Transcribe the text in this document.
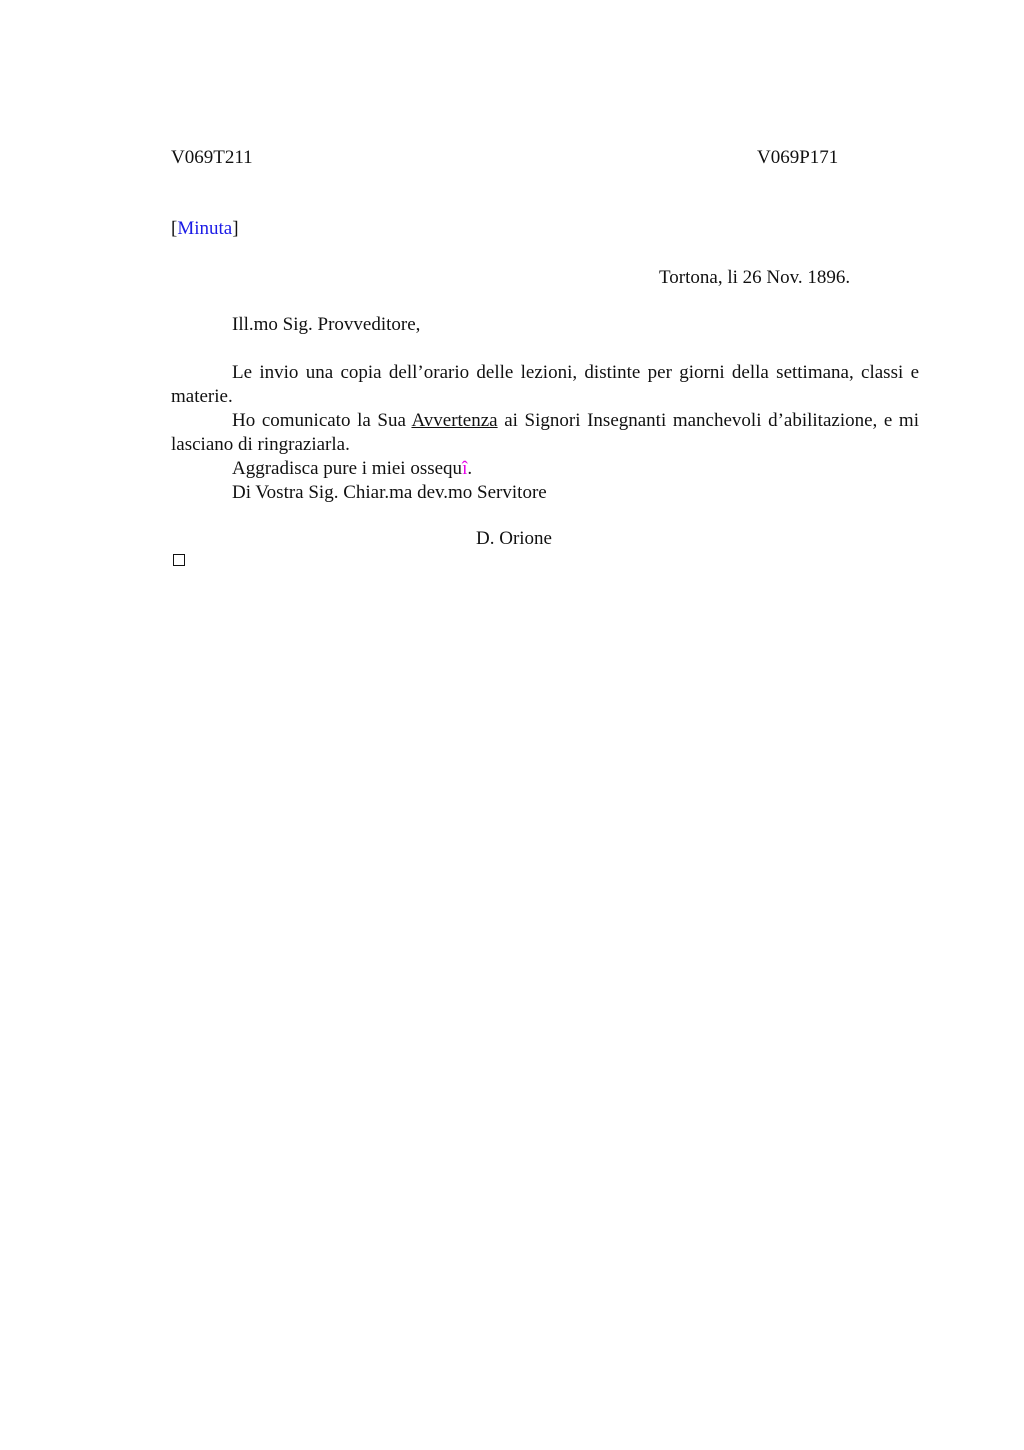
V069T211	V069P171
[Minuta]
Tortona, li 26 Nov. 1896.
Ill.mo Sig. Provveditore,

Le invio una copia dell’orario delle lezioni, distinte per giorni della settimana, classi e materie.

Ho comunicato la Sua Avvertenza ai Signori Insegnanti manchevoli d’abilitazione, e mi lasciano di ringraziarla.

Aggradisca pure i miei ossequî.

Di Vostra Sig. Chiar.ma dev.mo Servitore

D. Orione
